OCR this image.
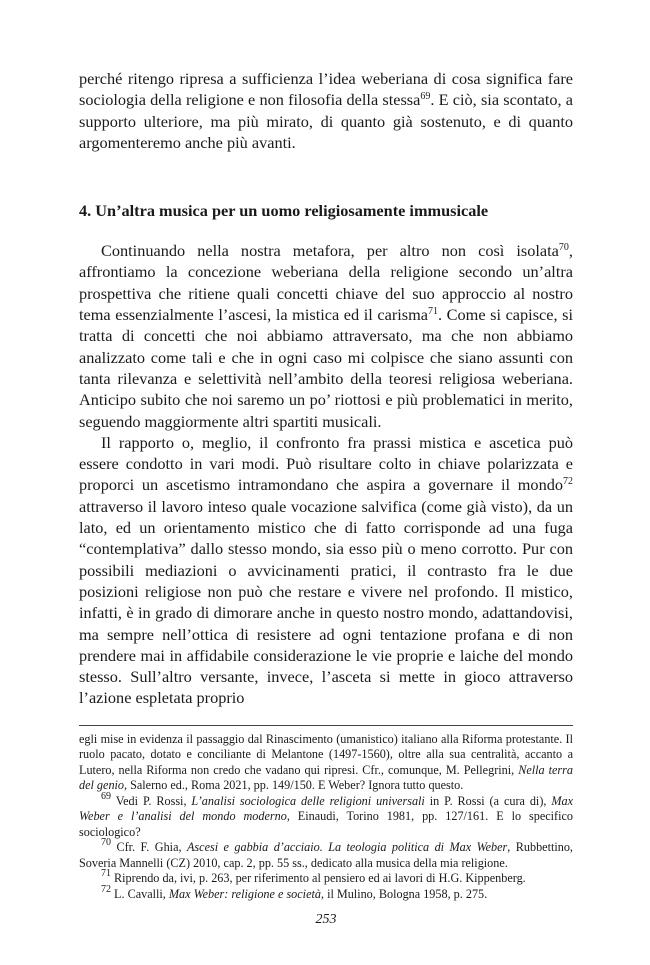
perché ritengo ripresa a sufficienza l’idea weberiana di cosa significa fare sociologia della religione e non filosofia della stessa$^{69}$. E ciò, sia scontato, a supporto ulteriore, ma più mirato, di quanto già sostenuto, e di quanto argomenteremo anche più avanti.

4. Un’altra musica per un uomo religiosamente immusicale

Continuando nella nostra metafora, per altro non così isolata$^{70}$, affrontiamo la concezione weberiana della religione secondo un’altra prospettiva che ritiene quali concetti chiave del suo approccio al nostro tema essenzialmente l’ascesi, la mistica ed il carisma$^{71}$. Come si capisce, si tratta di concetti che noi abbiamo attraversato, ma che non abbiamo analizzato come tali e che in ogni caso mi colpisce che siano assunti con tanta rilevanza e selettività nell’ambito della teoresi religiosa weberiana. Anticipo subito che noi saremo un po’ riottosi e più problematici in merito, seguendo maggiormente altri spartiti musicali.

Il rapporto o, meglio, il confronto fra prassi mistica e ascetica può essere condotto in vari modi. Può risultare colto in chiave polarizzata e proporci un ascetismo intramondano che aspira a governare il mondo$^{72}$ attraverso il lavoro inteso quale vocazione salvifica (come già visto), da un lato, ed un orientamento mistico che di fatto corrisponde ad una fuga “contemplativa” dallo stesso mondo, sia esso più o meno corrotto. Pur con possibili mediazioni o avvicinamenti pratici, il contrasto fra le due posizioni religiose non può che restare e vivere nel profondo. Il mistico, infatti, è in grado di dimorare anche in questo nostro mondo, adattandovisi, ma sempre nell’ottica di resistere ad ogni tentazione profana e di non prendere mai in affidabile considerazione le vie proprie e laiche del mondo stesso. Sull’altro versante, invece, l’asceta si mette in gioco attraverso l’azione espletata proprio

egli mise in evidenza il passaggio dal Rinascimento (umanistico) italiano alla Riforma protestante. Il ruolo pacato, dotato e conciliante di Melantone (1497-1560), oltre alla sua centralità, accanto a Lutero, nella Riforma non credo che vadano qui ripresi. Cfr., comunque, M. Pellegrini, Nella terra del genio, Salerno ed., Roma 2021, pp. 149/150. E Weber? Ignora tutto questo.

$^{69}$ Vedi P. Rossi, L’analisi sociologica delle religioni universali in P. Rossi (a cura di), Max Weber e l’analisi del mondo moderno, Einaudi, Torino 1981, pp. 127/161. E lo specifico sociologico?

$^{70}$ Cfr. F. Ghia, Ascesi e gabbia d’acciaio. La teologia politica di Max Weber, Rubbettino, Soveria Mannelli (CZ) 2010, cap. 2, pp. 55 ss., dedicato alla musica della mia religione.

$^{71}$ Riprendo da, ivi, p. 263, per riferimento al pensiero ed ai lavori di H.G. Kippenberg.

$^{72}$ L. Cavalli, Max Weber: religione e società, il Mulino, Bologna 1958, p. 275.

253
